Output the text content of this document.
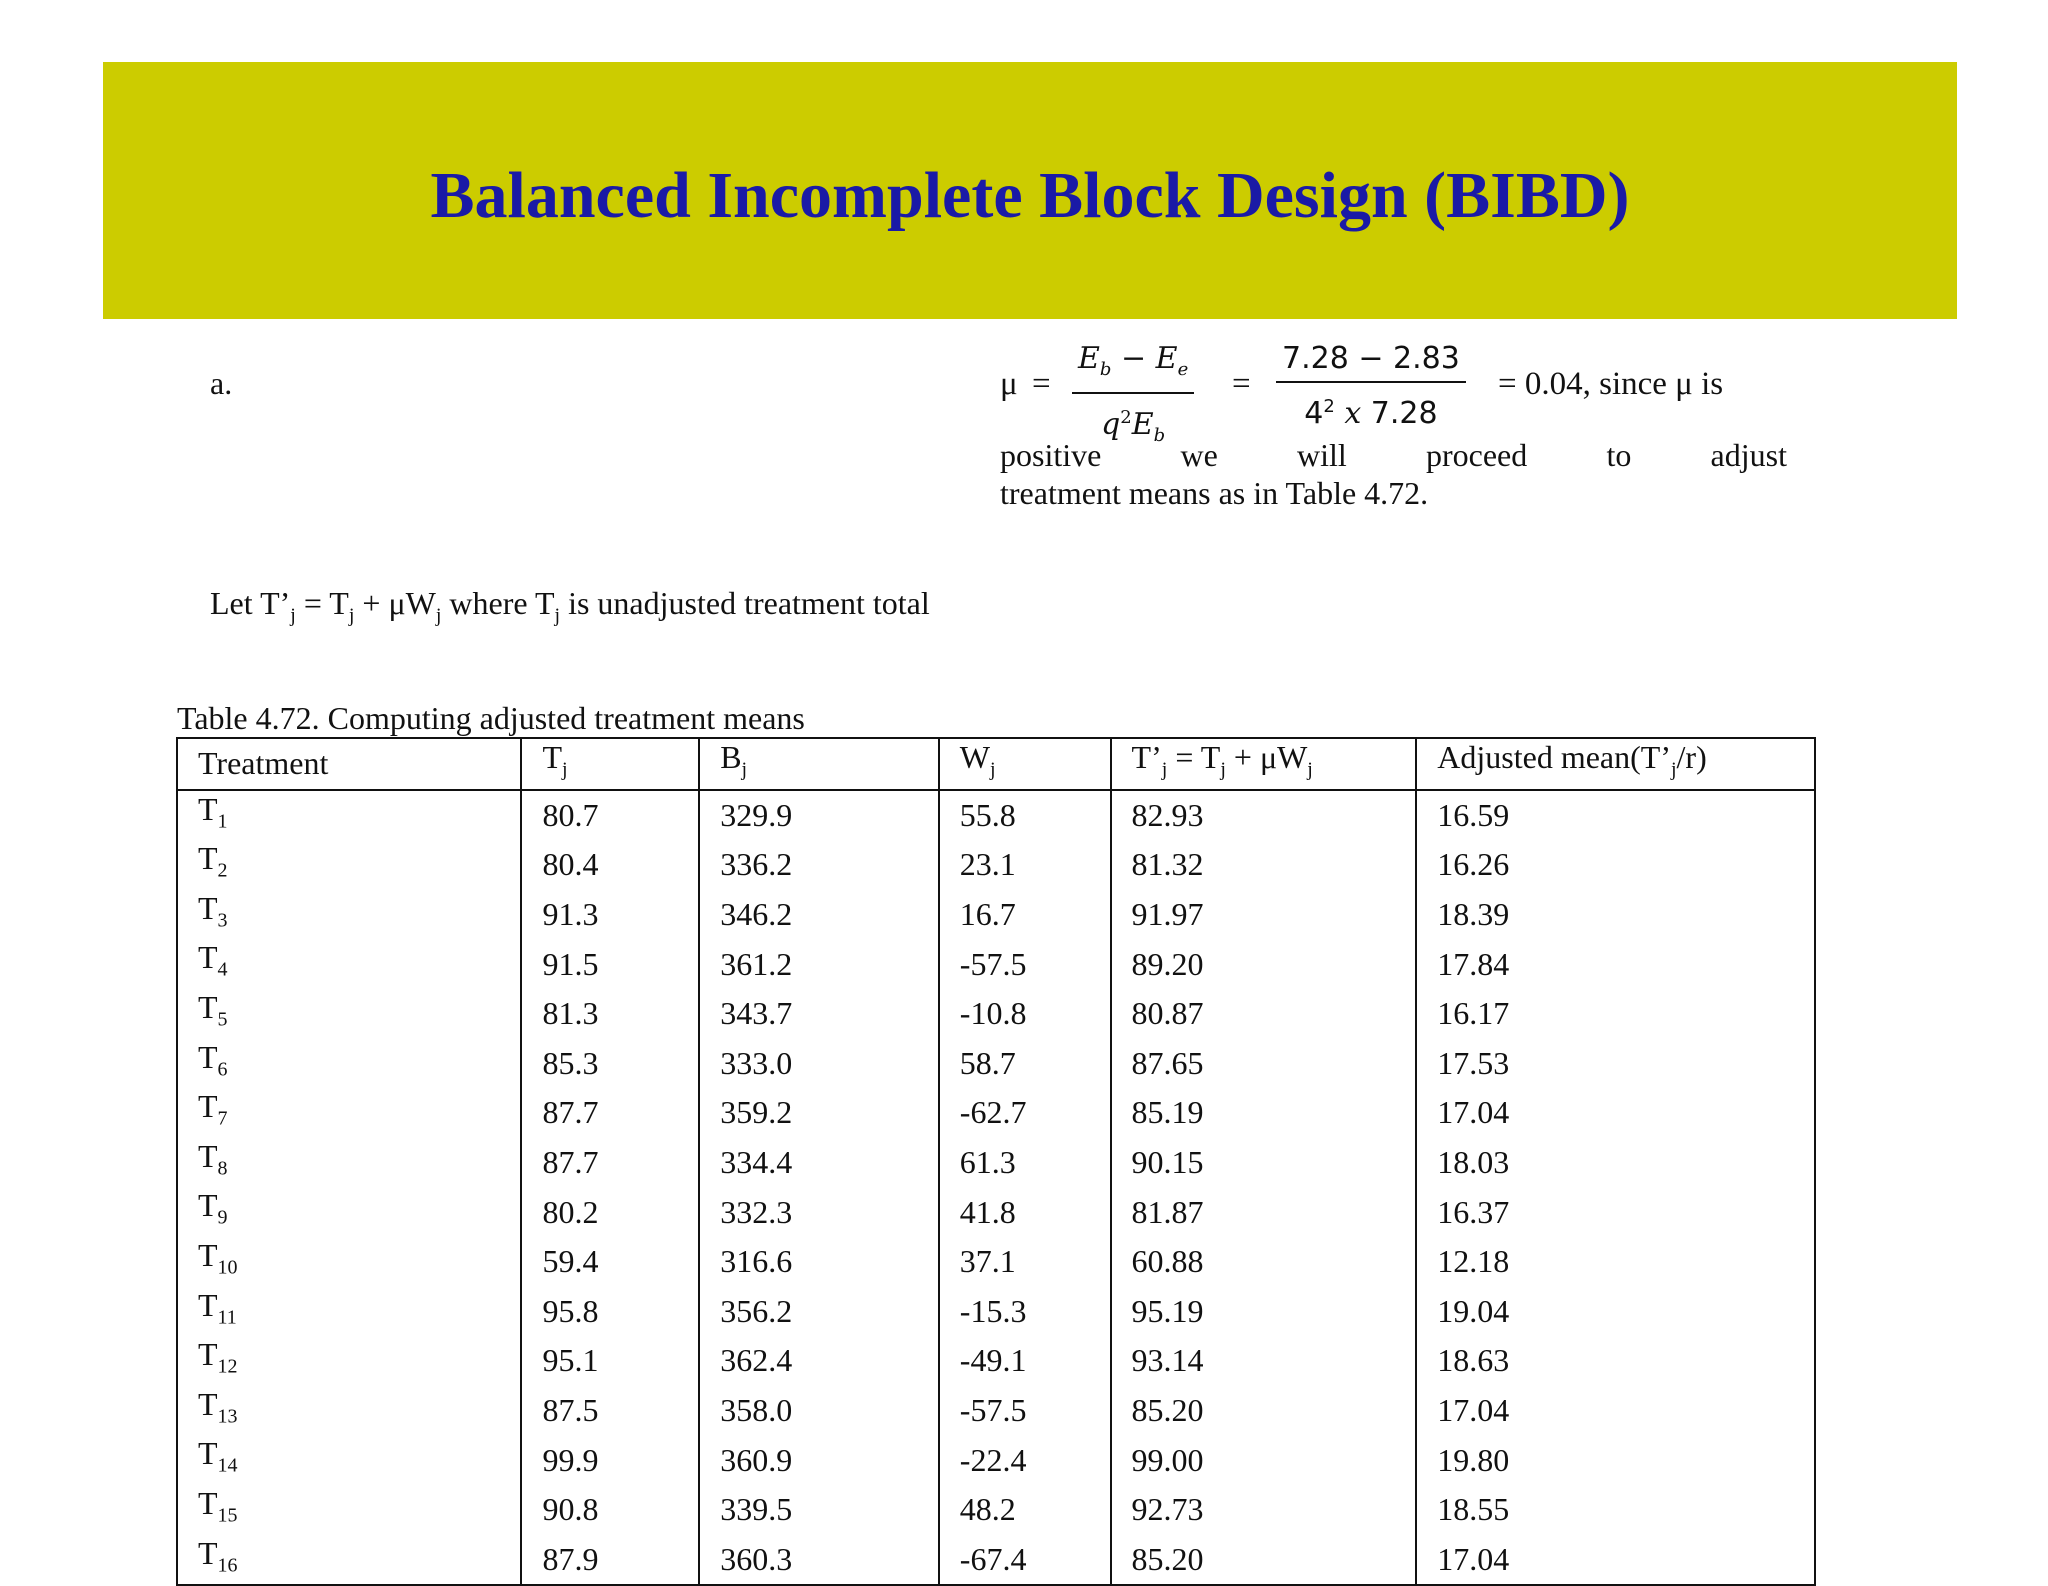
Balanced Incomplete Block Design (BIBD)
a.	$\mu = \frac{E_b - E_e}{q^2E_b} = \frac{7.28 - 2.83}{4^2 x 7.28} = 0.04$, since μ is
positive we will proceed to adjust
treatment means as in Table 4.72.
Let $T’_j = T_j + \mu W_j$ where $T_j$ is unadjusted treatment total
Table 4.72. Computing adjusted treatment means
Treatment	$T_j$	$B_j$	$W_j$	$T’_j = T_j + \mu W_j$	Adjusted $mean(T’_j/r)$
$T_1$	80.7	329.9	55.8	82.93	16.59
$T_2$	80.4	336.2	23.1	81.32	16.26
$T_3$	91.3	346.2	16.7	91.97	18.39
$T_4$	91.5	361.2	-57.5	89.20	17.84
$T_5$	81.3	343.7	-10.8	80.87	16.17
$T_6$	85.3	333.0	58.7	87.65	17.53
$T_7$	87.7	359.2	-62.7	85.19	17.04
$T_8$	87.7	334.4	61.3	90.15	18.03
$T_9$	80.2	332.3	41.8	81.87	16.37
$T_{10}$	59.4	316.6	37.1	60.88	12.18
$T_{11}$	95.8	356.2	-15.3	95.19	19.04
$T_{12}$	95.1	362.4	-49.1	93.14	18.63
$T_{13}$	87.5	358.0	-57.5	85.20	17.04
$T_{14}$	99.9	360.9	-22.4	99.00	19.80
$T_{15}$	90.8	339.5	48.2	92.73	18.55
$T_{16}$	87.9	360.3	-67.4	85.20	17.04
